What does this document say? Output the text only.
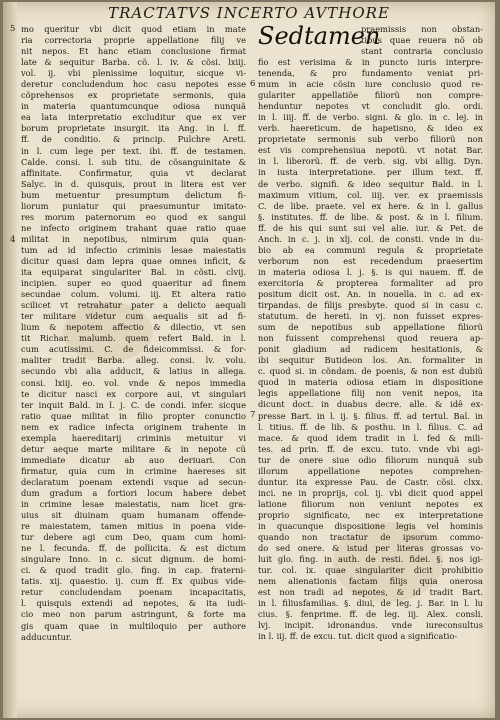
TRACTATVS INCERTO AVTHORE
5
4
6
7
mo queritur vbi dicit quod etiam in mate
ria correctoria proprie appellatione filij ve
nit nepos. Et hanc etiam conclusione firmat
late & sequitur Barba. cõ. l. iv. & cõsi. lxiij.
vol. ij. vbi plenissime loquitur, sicque vi-
deretur concludendum hoc casu nepotes esse
cõprehensos ex proprietate sermonis, quia
in materia quantumcunque odiosa nunquã
ea lata interpretatio excluditur que ex ver
borum proprietate insurgit. ita Ang. in l. ff.
ff. de conditio. & princip. Pulchre Areti.
in l. cum lege per text. ibi. ff. de testamen.
Calde. consi. l. sub titu. de cõsanguinitate &
affinitate. Confirmatur, quia vt declarat
Salyc. in d. quisquis, prout in litera est ver
bum metuentur presumptum delictum fi-
liorum puniatur qui praesumuntur imitato-
res morum paternorum eo quod ex sangui
ne infecto originem trahant quae ratio quae
militat in nepotibus, nimirum quia quan-
tum ad id infectio criminis lesae maiestatis
dicitur quasi dam lepra quae omnes inficit, &
ita equiparat singulariter Bal. in cõsti. clvij.
incipien. super eo quod quaeritur ad finem
secundae colum. volumi. iij. Et altera ratio
scilicet vt retrahatur pater a delicto aequali
ter militare videtur cum aequalis sit ad fi-
lium & nepotem affectio & dilectio, vt sen
tit Richar. malumb. quem refert Bald. in l.
cum acutissimi. C. de fideicommissi. & for-
maliter tradit Barba. alleg. consi. lv. volu.
secundo vbi alia adducit, & latius in allega.
consi. lxiij. eo. vol. vnde & nepos immedia
te dicitur nasci ex corpore aui, vt singulari
ter inquit Bald. in l. j. C. de condi. infer. sicque
ratio quae militat in filio propter conunctio
nem ex radice infecta originem trahente in
exempla haereditarij criminis metuitur vi
detur aeque marte militare & in nepote cũ
immediate dicatur ab auo deriuari. Con
firmatur, quia cum in crimine haereses sit
declaratum poenam extendi vsque ad secun-
dum gradum a fortiori locum habere debet
in crimine lesae maiestatis, nam licet gra-
uius sit diuinam quam humanam offende-
re maiestatem, tamen mitius in poena vide-
tur debere agi cum Deo, quam cum homi-
ne l. fecunda. ff. de pollicita. & est dictum
singulare Inno. in c. sicut dignum. de homi-
ci. & quod tradit glo. fing. in cap. fraterni-
tatis. xij. quaestio. ij. cum ff. Ex quibus vide-
retur concludendam poenam incapacitatis,
l. quisquis extendi ad nepotes, & ita iudi-
cio meo non parum astringunt, & forte ma
gis quam quae in multiloquio per authore
adducuntur.
Sedtamen
praemissis non obstan-
tibus quae reuera nõ ob
stant contraria conclusio
fio est verisima & in puncto iuris interpre-
tenenda, & pro fundamento veniat pri-
mum in acie cõsin iure conclusio quod re-
gulariter appellatiõe filiorũ non compre-
henduntur nepotes vt concludit glo. ordi.
in l. iiij. ff. de verbo. signi. & glo. in c. lej. in
verb. haereticum. de hapetisno, & ideo ex
proprietate sermonis sub verbo filiorũ non
est vis comprehensiua nepotũ. vt notat Bar.
in l. liberorũ. ff. de verb. sig. vbi allig. Dyn.
in iusta interpretatione. per illum text. ff.
de verbo. signifi. & ideo sequitur Bald. in l.
maximum vitium, col. iiij. ver. ex praemissis
C. de libe. praete. vel ex here. & in l. gallus
§. institutes. ff. de libe. & post. & in l. filium.
ff. de his qui sunt sui vel alie. iur. & Pet. de
Anch. in c. j. in xlj. col. de consti. vnde in du-
bio ab ea communi regula & proprietate
verborum non est recedendum praesertim
in materia odiosa l. j. §. is qui nauem. ff. de
exercitoria & propterea formaliter ad pro
positum dicit ost. An. in nouella. in c. ad ex-
tirpandas. de filijs presbyte. quod si in casu c.
statutum. de hereti. in vj. non fuisset expres-
sum de nepotibus sub appellatione filiorũ
non fuissent comprehensi quod reuera ap-
ponit gladium ad radicem hesitationis, &
ibi sequitur Butideon los. An. formaliter in
c. quod si. in cõndam. de poenis, & non est dubiũ
quod in materia odiosa etiam in dispositione
legis appellatione filij non venit nepos, ita
dicunt doct. in duabus decre. alle. & idê ex-
presse Bart. in l. ij. §. filius. ff. ad tertul. Bal. in
l. titius. ff. de lib. & posthu. in l. filius. C. ad
mace. & quod idem tradit in l. fed & mili-
tes. ad prin. ff. de excu. tuto. vnde vbi agi-
tur de onere siue odio filiorum nunquã sub
illorum appellatione nepotes comprehen-
duntur. ita expresse Pau. de Castr. cõsi. clxx.
inci. ne in proprijs, col. ij. vbi dicit quod appel
latione filiorum non veniunt nepotes ex
proprio significato, nec ex interpretatione
in quacunque dispositione legis vel hominis
quando non tractatur de ipsorum commo-
do sed onere. & istud per literas grossas vo-
luit glo. fing. in auth. de resti. fidei. §. nos igi-
tur. col. ix. quae singulariter dicit prohibitio
nem alienationis factam filijs quia onerosa
est non tradi ad nepotes, & id tradit Bart.
in l. filiusfamilias. §. diui, de leg. j. Bar. in l. lu
cius. §. fenprime. ff. de leg. iij. Alex. consli.
lvj. incipit. idronandus. vnde iureconsultus
in l. iij. ff. de excu. tut. dicit quod a significatio-
